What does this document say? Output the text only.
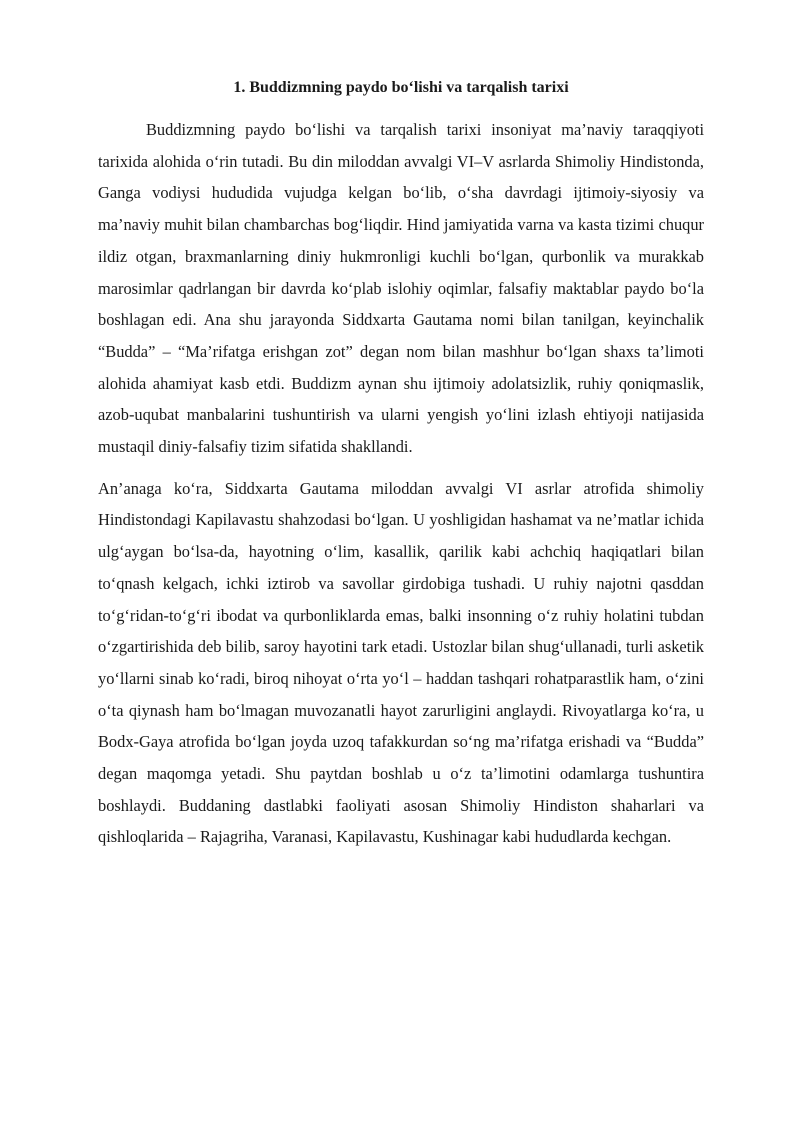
1. Buddizmning paydo bo‘lishi va tarqalish tarixi

Buddizmning paydo bo‘lishi va tarqalish tarixi insoniyat ma’naviy taraqqiyoti tarixida alohida o‘rin tutadi. Bu din miloddan avvalgi VI–V asrlarda Shimoliy Hindistonda, Ganga vodiysi hududida vujudga kelgan bo‘lib, o‘sha davrdagi ijtimoiy-siyosiy va ma’naviy muhit bilan chambarchas bog‘liqdir. Hind jamiyatida varna va kasta tizimi chuqur ildiz otgan, braxmanlarning diniy hukmronligi kuchli bo‘lgan, qurbonlik va murakkab marosimlar qadrlangan bir davrda ko‘plab islohiy oqimlar, falsafiy maktablar paydo bo‘la boshlagan edi. Ana shu jarayonda Siddxarta Gautama nomi bilan tanilgan, keyinchalik “Budda” – “Ma’rifatga erishgan zot” degan nom bilan mashhur bo‘lgan shaxs ta’limoti alohida ahamiyat kasb etdi. Buddizm aynan shu ijtimoiy adolatsizlik, ruhiy qoniqmaslik, azob-uqubat manbalarini tushuntirish va ularni yengish yo‘lini izlash ehtiyoji natijasida mustaqil diniy-falsafiy tizim sifatida shakllandi.

An’anaga ko‘ra, Siddxarta Gautama miloddan avvalgi VI asrlar atrofida shimoliy Hindistondagi Kapilavastu shahzodasi bo‘lgan. U yoshligidan hashamat va ne’matlar ichida ulg‘aygan bo‘lsa-da, hayotning o‘lim, kasallik, qarilik kabi achchiq haqiqatlari bilan to‘qnash kelgach, ichki iztirob va savollar girdobiga tushadi. U ruhiy najotni qasddan to‘g‘ridan-to‘g‘ri ibodat va qurbonliklarda emas, balki insonning o‘z ruhiy holatini tubdan o‘zgartirishida deb bilib, saroy hayotini tark etadi. Ustozlar bilan shug‘ullanadi, turli asketik yo‘llarni sinab ko‘radi, biroq nihoyat o‘rta yo‘l – haddan tashqari rohatparastlik ham, o‘zini o‘ta qiynash ham bo‘lmagan muvozanatli hayot zarurligini anglaydi. Rivoyatlarga ko‘ra, u Bodx-Gaya atrofida bo‘lgan joyda uzoq tafakkurdan so‘ng ma’rifatga erishadi va “Budda” degan maqomga yetadi. Shu paytdan boshlab u o‘z ta’limotini odamlarga tushuntira boshlaydi. Buddaning dastlabki faoliyati asosan Shimoliy Hindiston shaharlari va qishloqlarida – Rajagriha, Varanasi, Kapilavastu, Kushinagar kabi hududlarda kechgan.
